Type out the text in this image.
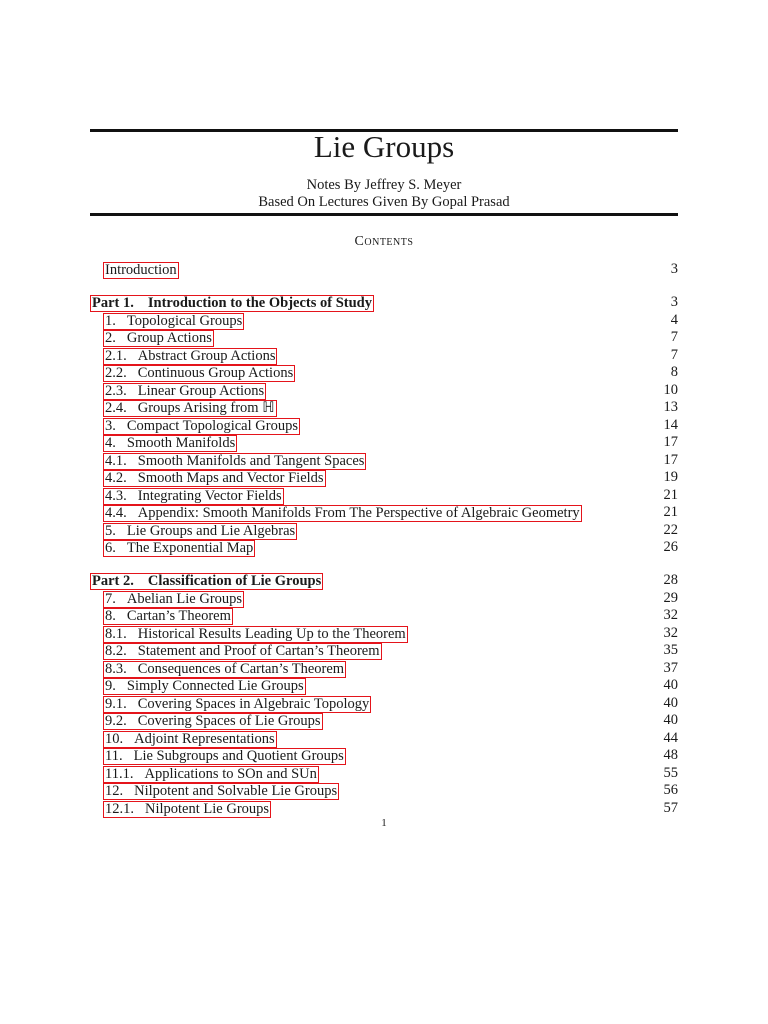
Lie Groups
Notes By Jeffrey S. Meyer
Based On Lectures Given By Gopal Prasad
Contents
Introduction	3
Part 1. Introduction to the Objects of Study	3
1. Topological Groups	4
2. Group Actions	7
2.1. Abstract Group Actions	7
2.2. Continuous Group Actions	8
2.3. Linear Group Actions	10
2.4. Groups Arising from ℍ	13
3. Compact Topological Groups	14
4. Smooth Manifolds	17
4.1. Smooth Manifolds and Tangent Spaces	17
4.2. Smooth Maps and Vector Fields	19
4.3. Integrating Vector Fields	21
4.4. Appendix: Smooth Manifolds From The Perspective of Algebraic Geometry	21
5. Lie Groups and Lie Algebras	22
6. The Exponential Map	26
Part 2. Classification of Lie Groups	28
7. Abelian Lie Groups	29
8. Cartan’s Theorem	32
8.1. Historical Results Leading Up to the Theorem	32
8.2. Statement and Proof of Cartan’s Theorem	35
8.3. Consequences of Cartan’s Theorem	37
9. Simply Connected Lie Groups	40
9.1. Covering Spaces in Algebraic Topology	40
9.2. Covering Spaces of Lie Groups	40
10. Adjoint Representations	44
11. Lie Subgroups and Quotient Groups	48
11.1. Applications to SOn and SUn	55
12. Nilpotent and Solvable Lie Groups	56
12.1. Nilpotent Lie Groups	57
1
